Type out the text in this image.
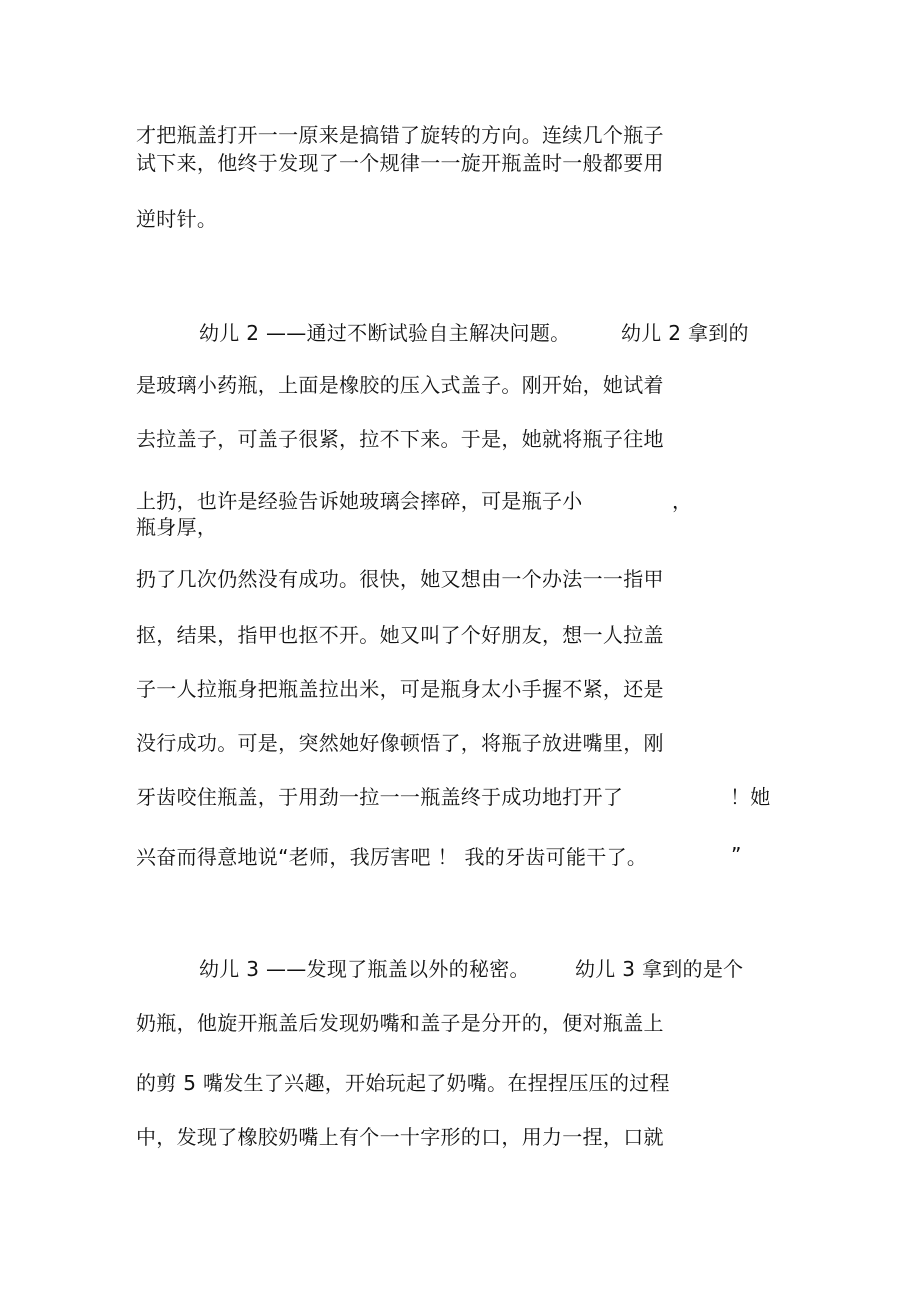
才把瓶盖打开一一原来是搞错了旋转的方向。连续几个瓶子
试下来，他终于发现了一个规律一一旋开瓶盖时一般都要用
逆时针。
幼儿 2 ——通过不断试验自主解决问题。	幼儿 2 拿到的
是玻璃小药瓶，上面是橡胶的压入式盖子。刚开始，她试着
去拉盖子，可盖子很紧，拉不下来。于是，她就将瓶子往地
上扔，也许是经验告诉她玻璃会摔碎，可是瓶子小	，
瓶身厚，
扔了几次仍然没有成功。很快，她又想由一个办法一一指甲
抠，结果，指甲也抠不开。她又叫了个好朋友，想一人拉盖
子一人拉瓶身把瓶盖拉出米，可是瓶身太小手握不紧，还是
没行成功。可是，突然她好像顿悟了，将瓶子放进嘴里，刚
牙齿咬住瓶盖，于用劲一拉一一瓶盖终于成功地打开了	！她
兴奋而得意地说“老师，我厉害吧 ！ 我的牙齿可能干了。	”
幼儿 3 ——发现了瓶盖以外的秘密。 幼儿 3 拿到的是个
奶瓶，他旋开瓶盖后发现奶嘴和盖子是分开的，便对瓶盖上
的剪 5 嘴发生了兴趣，开始玩起了奶嘴。在捏捏压压的过程
中，发现了橡胶奶嘴上有个一十字形的口，用力一捏，口就
